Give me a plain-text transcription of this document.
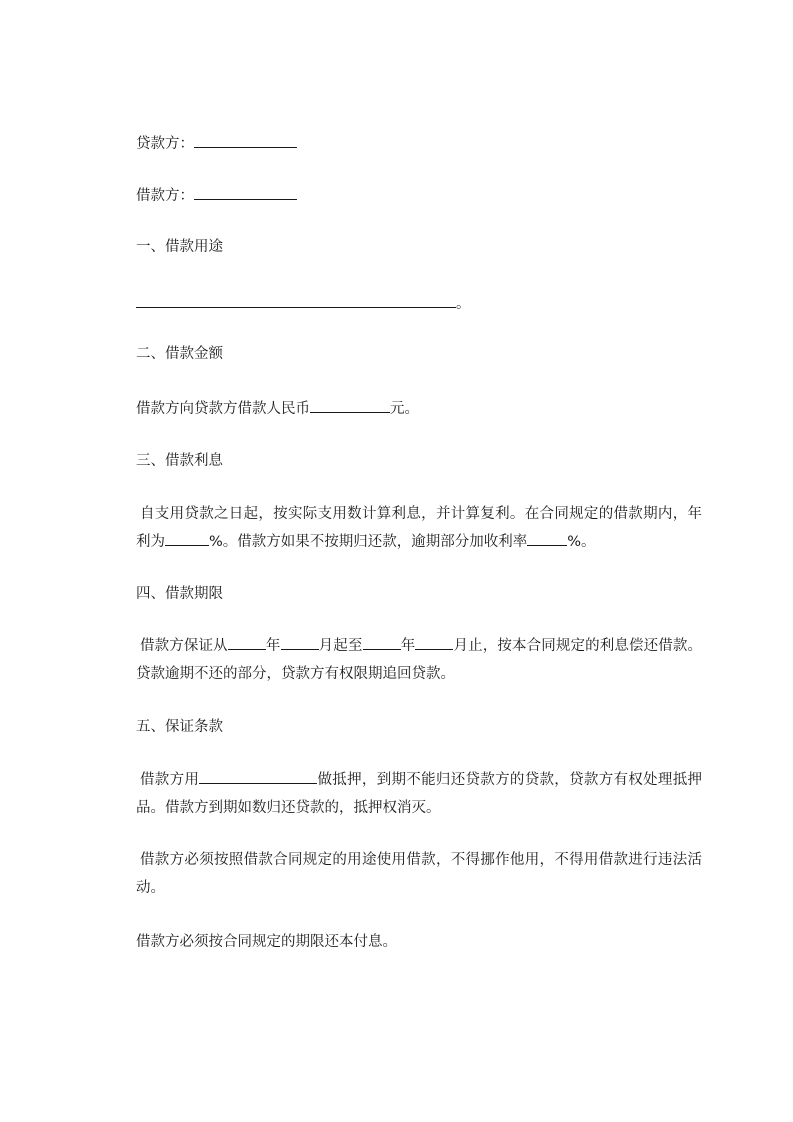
贷款方：
借款方：
一、借款用途
。
二、借款金额
借款方向贷款方借款人民币	元。
三、借款利息
自支用贷款之日起，按实际支用数计算利息，并计算复利。在合同规定的借款期内，年利为	%。借款方如果不按期归还款，逾期部分加收利率	%。
四、借款期限
借款方保证从	年	月起至	年	月止，按本合同规定的利息偿还借款。贷款逾期不还的部分，贷款方有权限期追回贷款。
五、保证条款
借款方用	做抵押，到期不能归还贷款方的贷款，贷款方有权处理抵押品。借款方到期如数归还贷款的，抵押权消灭。
借款方必须按照借款合同规定的用途使用借款，不得挪作他用，不得用借款进行违法活动。
借款方必须按合同规定的期限还本付息。
